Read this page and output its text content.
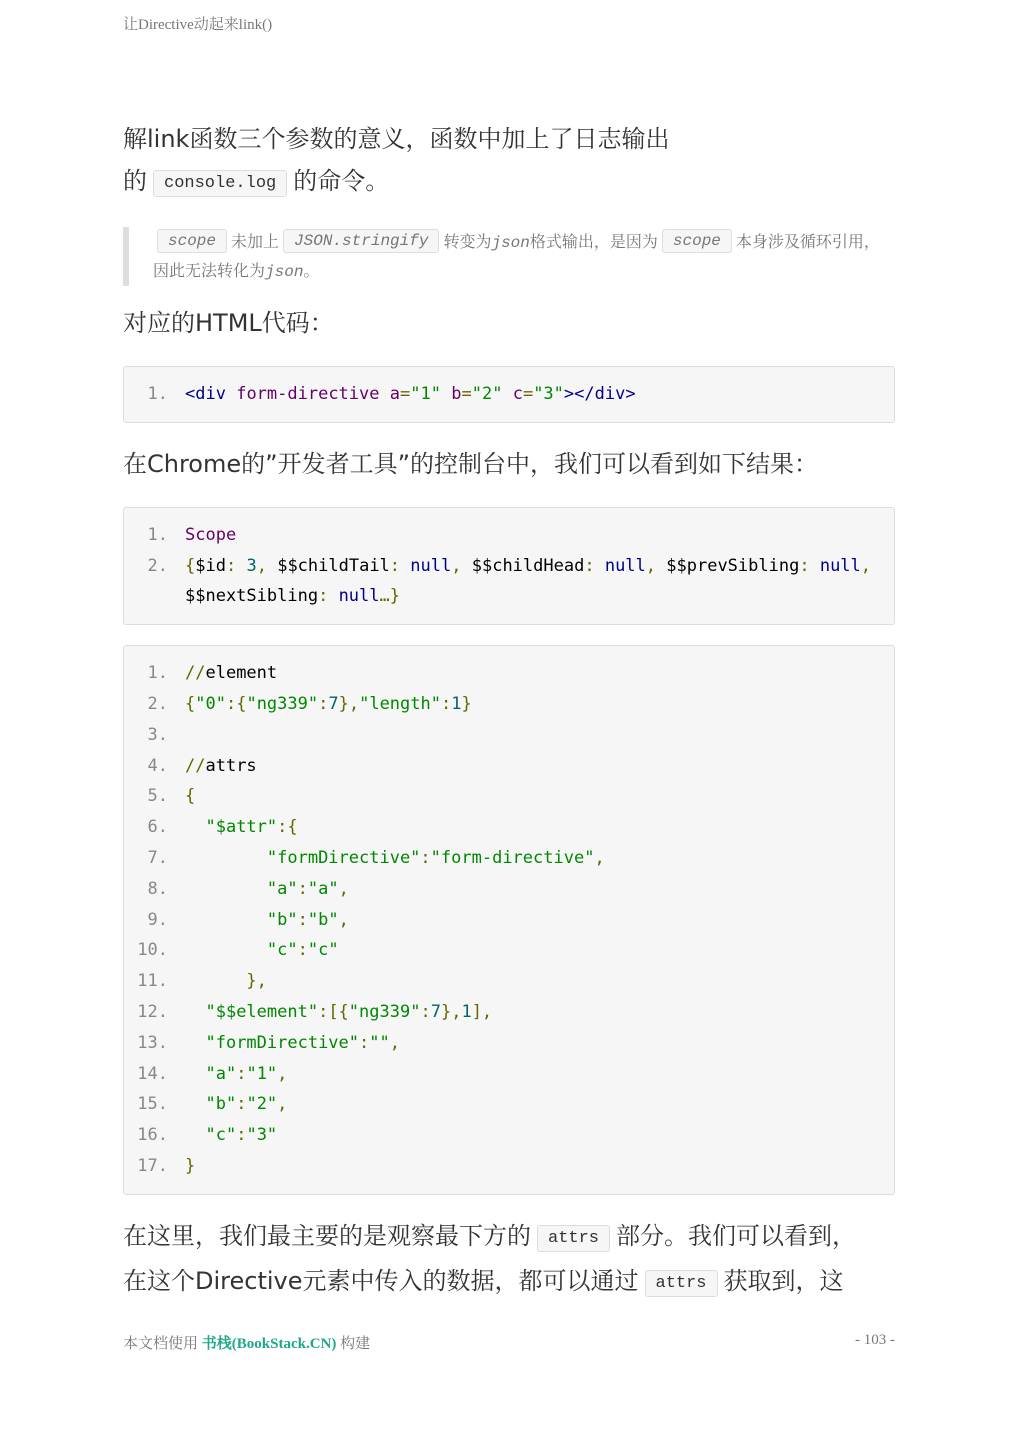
让Directive动起来link()

解link函数三个参数的意义，函数中加上了日志输出
的 console.log 的命令。

scope 未加上 JSON.stringify 转变为json格式输出，是因为 scope 本身涉及循环引用，因此无法转化为json。
对应的HTML代码：
1.	<div form-directive a="1" b="2" c="3"></div>
在Chrome的”开发者工具”的控制台中，我们可以看到如下结果：
1.	Scope
2.	{$id: 3, $$childTail: null, $$childHead: null, $$prevSibling: null,
$$nextSibling: null…}
1.	//element
2.	{"0":{"ng339":7},"length":1}
3.
4.	//attrs
5.	{
6.	"$attr":{
7.	"formDirective":"form-directive",
8.	"a":"a",
9.	"b":"b",
10.	"c":"c"
11.	},
12.	"$$element":[{"ng339":7},1],
13.	"formDirective":"",
14.	"a":"1",
15.	"b":"2",
16.	"c":"3"
17.	}

在这里，我们最主要的是观察最下方的 attrs 部分。我们可以看到，
在这个Directive元素中传入的数据，都可以通过 attrs 获取到，这

本文档使用 书栈(BookStack.CN) 构建	- 103 -
